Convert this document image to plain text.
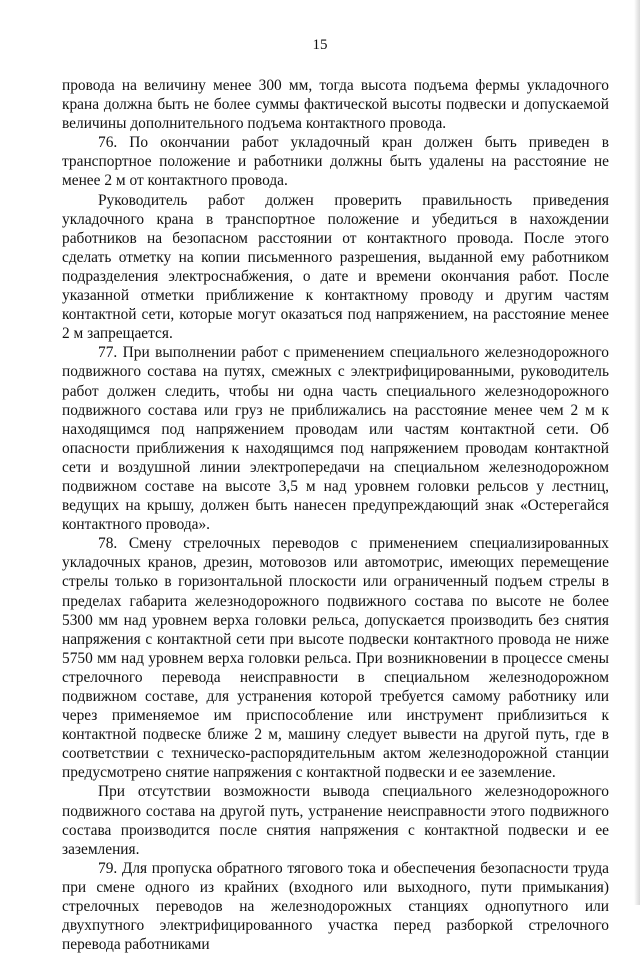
15

провода на величину менее 300 мм, тогда высота подъема фермы укладочного крана должна быть не более суммы фактической высоты подвески и допускаемой величины дополнительного подъема контактного провода.

76. По окончании работ укладочный кран должен быть приведен в транспортное положение и работники должны быть удалены на расстояние не менее 2 м от контактного провода.

Руководитель работ должен проверить правильность приведения укладочного крана в транспортное положение и убедиться в нахождении работников на безопасном расстоянии от контактного провода. После этого сделать отметку на копии письменного разрешения, выданной ему работником подразделения электроснабжения, о дате и времени окончания работ. После указанной отметки приближение к контактному проводу и другим частям контактной сети, которые могут оказаться под напряжением, на расстояние менее 2 м запрещается.

77. При выполнении работ с применением специального железнодорожного подвижного состава на путях, смежных с электрифицированными, руководитель работ должен следить, чтобы ни одна часть специального железнодорожного подвижного состава или груз не приближались на расстояние менее чем 2 м к находящимся под напряжением проводам или частям контактной сети. Об опасности приближения к находящимся под напряжением проводам контактной сети и воздушной линии электропередачи на специальном железнодорожном подвижном составе на высоте 3,5 м над уровнем головки рельсов у лестниц, ведущих на крышу, должен быть нанесен предупреждающий знак «Остерегайся контактного провода».

78. Смену стрелочных переводов с применением специализированных укладочных кранов, дрезин, мотовозов или автомотрис, имеющих перемещение стрелы только в горизонтальной плоскости или ограниченный подъем стрелы в пределах габарита железнодорожного подвижного состава по высоте не более 5300 мм над уровнем верха головки рельса, допускается производить без снятия напряжения с контактной сети при высоте подвески контактного провода не ниже 5750 мм над уровнем верха головки рельса. При возникновении в процессе смены стрелочного перевода неисправности в специальном железнодорожном подвижном составе, для устранения которой требуется самому работнику или через применяемое им приспособление или инструмент приблизиться к контактной подвеске ближе 2 м, машину следует вывести на другой путь, где в соответствии с техническо-распорядительным актом железнодорожной станции предусмотрено снятие напряжения с контактной подвески и ее заземление.

При отсутствии возможности вывода специального железнодорожного подвижного состава на другой путь, устранение неисправности этого подвижного состава производится после снятия напряжения с контактной подвески и ее заземления.

79. Для пропуска обратного тягового тока и обеспечения безопасности труда при смене одного из крайних (входного или выходного, пути примыкания) стрелочных переводов на железнодорожных станциях однопутного или двухпутного электрифицированного участка перед разборкой стрелочного перевода работниками
